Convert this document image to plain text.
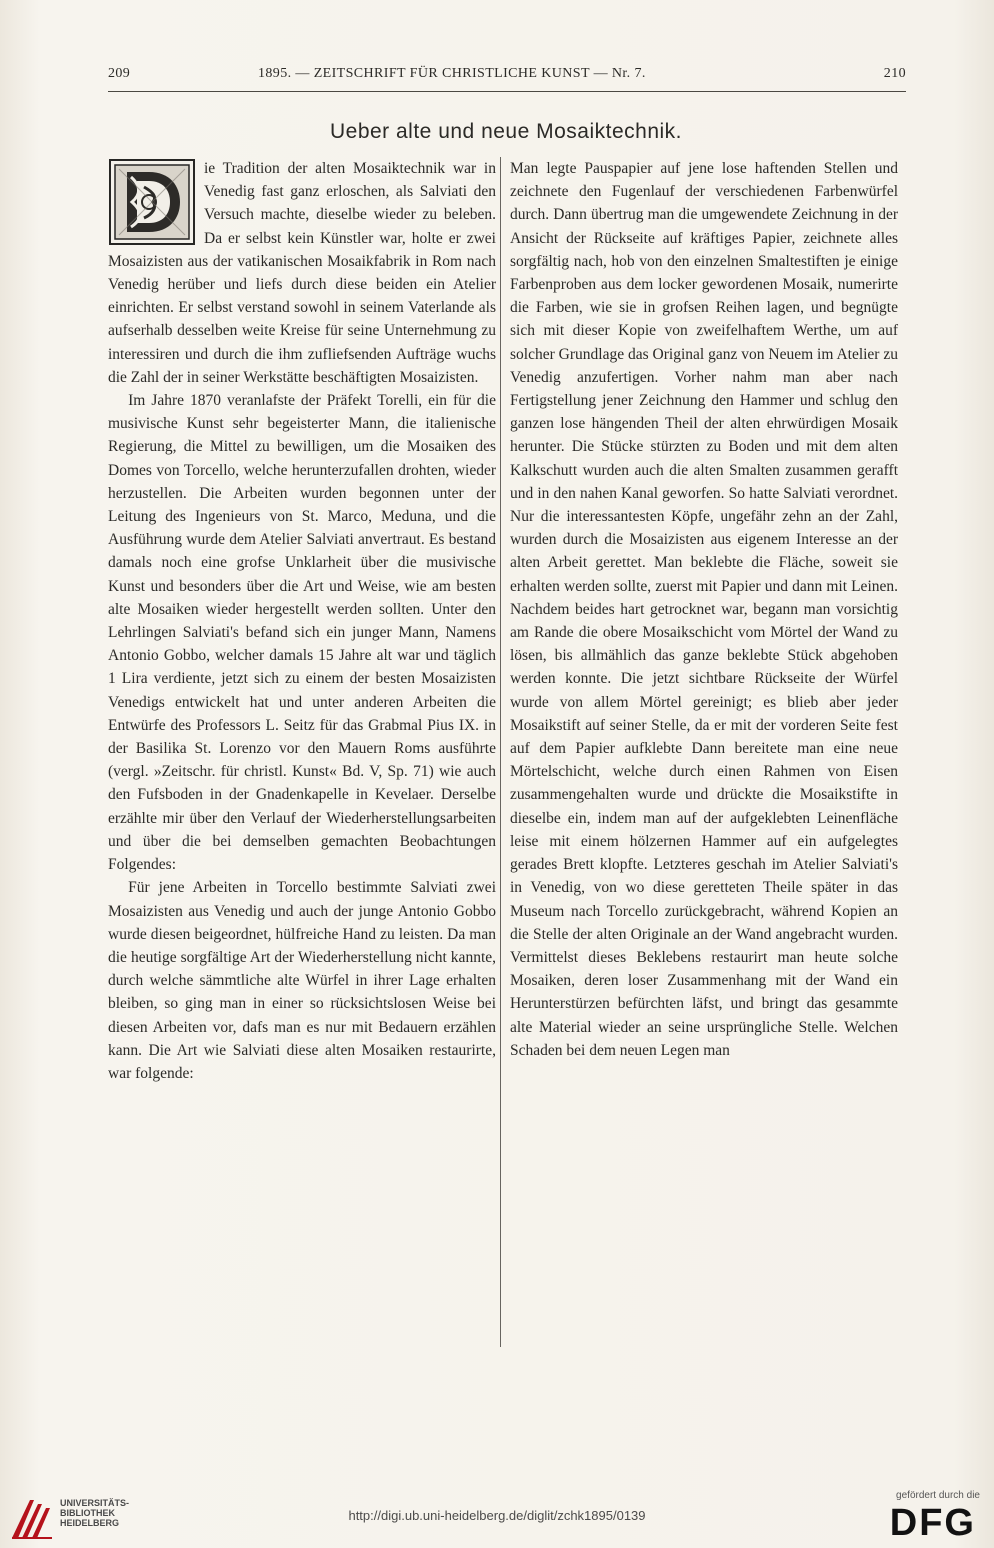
209	1895. — ZEITSCHRIFT FÜR CHRISTLICHE KUNST — Nr. 7.	210
Ueber alte und neue Mosaiktechnik.

ie Tradition der alten Mosaiktechnik war in Venedig fast ganz erloschen, als Salviati den Versuch machte, dieselbe wieder zu beleben. Da er selbst kein Künstler war, holte er zwei Mosaizisten aus der vatikanischen Mosaikfabrik in Rom nach Venedig herüber und liefs durch diese beiden ein Atelier einrichten. Er selbst verstand sowohl in seinem Vaterlande als aufserhalb desselben weite Kreise für seine Unternehmung zu interessiren und durch die ihm zufliefsenden Aufträge wuchs die Zahl der in seiner Werkstätte beschäftigten Mosaizisten.

Im Jahre 1870 veranlafste der Präfekt Torelli, ein für die musivische Kunst sehr begeisterter Mann, die italienische Regierung, die Mittel zu bewilligen, um die Mosaiken des Domes von Torcello, welche herunterzufallen drohten, wieder herzustellen. Die Arbeiten wurden begonnen unter der Leitung des Ingenieurs von St. Marco, Meduna, und die Ausführung wurde dem Atelier Salviati anvertraut. Es bestand damals noch eine grofse Unklarheit über die musivische Kunst und besonders über die Art und Weise, wie am besten alte Mosaiken wieder hergestellt werden sollten. Unter den Lehrlingen Salviati's befand sich ein junger Mann, Namens Antonio Gobbo, welcher damals 15 Jahre alt war und täglich 1 Lira verdiente, jetzt sich zu einem der besten Mosaizisten Venedigs entwickelt hat und unter anderen Arbeiten die Entwürfe des Professors L. Seitz für das Grabmal Pius IX. in der Basilika St. Lorenzo vor den Mauern Roms ausführte (vergl. »Zeitschr. für christl. Kunst« Bd. V, Sp. 71) wie auch den Fufsboden in der Gnadenkapelle in Kevelaer. Derselbe erzählte mir über den Verlauf der Wiederherstellungsarbeiten und über die bei demselben gemachten Beobachtungen Folgendes:

Für jene Arbeiten in Torcello bestimmte Salviati zwei Mosaizisten aus Venedig und auch der junge Antonio Gobbo wurde diesen beigeordnet, hülfreiche Hand zu leisten. Da man die heutige sorgfältige Art der Wiederherstellung nicht kannte, durch welche sämmtliche alte Würfel in ihrer Lage erhalten bleiben, so ging man in einer so rücksichtslosen Weise bei diesen Arbeiten vor, dafs man es nur mit Bedauern erzählen kann. Die Art wie Salviati diese alten Mosaiken restaurirte, war folgende:

Man legte Pauspapier auf jene lose haftenden Stellen und zeichnete den Fugenlauf der verschiedenen Farbenwürfel durch. Dann übertrug man die umgewendete Zeichnung in der Ansicht der Rückseite auf kräftiges Papier, zeichnete alles sorgfältig nach, hob von den einzelnen Smaltestiften je einige Farbenproben aus dem locker gewordenen Mosaik, numerirte die Farben, wie sie in grofsen Reihen lagen, und begnügte sich mit dieser Kopie von zweifelhaftem Werthe, um auf solcher Grundlage das Original ganz von Neuem im Atelier zu Venedig anzufertigen. Vorher nahm man aber nach Fertigstellung jener Zeichnung den Hammer und schlug den ganzen lose hängenden Theil der alten ehrwürdigen Mosaik herunter. Die Stücke stürzten zu Boden und mit dem alten Kalkschutt wurden auch die alten Smalten zusammen gerafft und in den nahen Kanal geworfen. So hatte Salviati verordnet. Nur die interessantesten Köpfe, ungefähr zehn an der Zahl, wurden durch die Mosaizisten aus eigenem Interesse an der alten Arbeit gerettet. Man beklebte die Fläche, soweit sie erhalten werden sollte, zuerst mit Papier und dann mit Leinen. Nachdem beides hart getrocknet war, begann man vorsichtig am Rande die obere Mosaikschicht vom Mörtel der Wand zu lösen, bis allmählich das ganze beklebte Stück abgehoben werden konnte. Die jetzt sichtbare Rückseite der Würfel wurde von allem Mörtel gereinigt; es blieb aber jeder Mosaikstift auf seiner Stelle, da er mit der vorderen Seite fest auf dem Papier aufklebte Dann bereitete man eine neue Mörtelschicht, welche durch einen Rahmen von Eisen zusammengehalten wurde und drückte die Mosaikstifte in dieselbe ein, indem man auf der aufgeklebten Leinenfläche leise mit einem hölzernen Hammer auf ein aufgelegtes gerades Brett klopfte. Letzteres geschah im Atelier Salviati's in Venedig, von wo diese geretteten Theile später in das Museum nach Torcello zurückgebracht, während Kopien an die Stelle der alten Originale an der Wand angebracht wurden. Vermittelst dieses Beklebens restaurirt man heute solche Mosaiken, deren loser Zusammenhang mit der Wand ein Herunterstürzen befürchten läfst, und bringt das gesammte alte Material wieder an seine ursprüngliche Stelle. Welchen Schaden bei dem neuen Legen man

UNIVERSITÄTS-
BIBLIOTHEK
HEIDELBERG	http://digi.ub.uni-heidelberg.de/diglit/zchk1895/0139
gefördert durch die
DFG
